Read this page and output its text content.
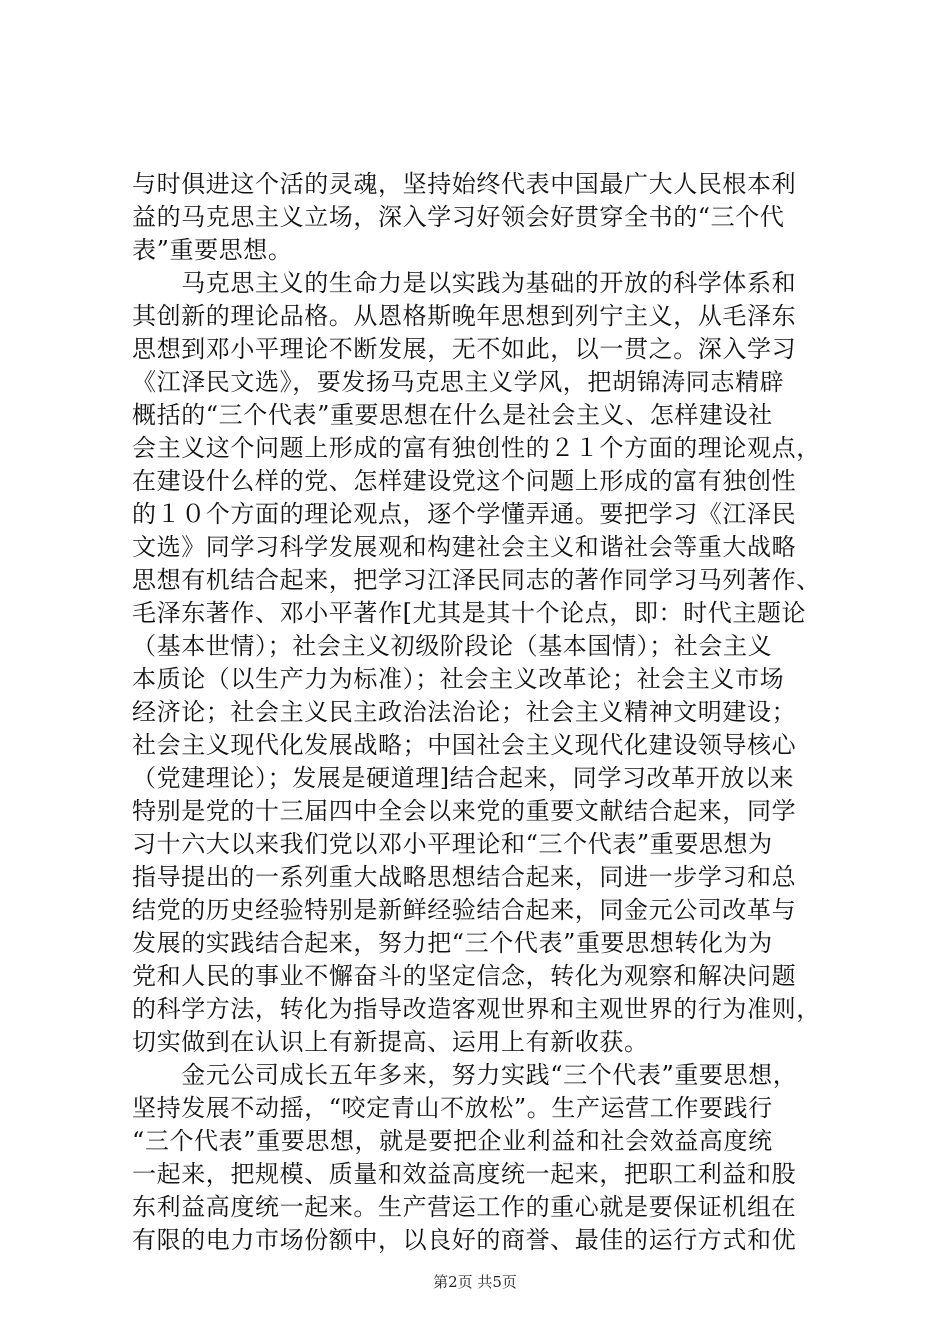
与时俱进这个活的灵魂，坚持始终代表中国最广大人民根本利
益的马克思主义立场，深入学习好领会好贯穿全书的“三个代
表”重要思想。
　　马克思主义的生命力是以实践为基础的开放的科学体系和
其创新的理论品格。从恩格斯晚年思想到列宁主义，从毛泽东
思想到邓小平理论不断发展，无不如此，以一贯之。深入学习
《江泽民文选》，要发扬马克思主义学风，把胡锦涛同志精辟
概括的“三个代表”重要思想在什么是社会主义、怎样建设社
会主义这个问题上形成的富有独创性的２１个方面的理论观点，
在建设什么样的党、怎样建设党这个问题上形成的富有独创性
的１０个方面的理论观点，逐个学懂弄通。要把学习《江泽民
文选》同学习科学发展观和构建社会主义和谐社会等重大战略
思想有机结合起来，把学习江泽民同志的著作同学习马列著作、
毛泽东著作、邓小平著作[尤其是其十个论点，即：时代主题论
（基本世情）；社会主义初级阶段论（基本国情）；社会主义
本质论（以生产力为标准）；社会主义改革论；社会主义市场
经济论；社会主义民主政治法治论；社会主义精神文明建设；
社会主义现代化发展战略；中国社会主义现代化建设领导核心
（党建理论）；发展是硬道理]结合起来，同学习改革开放以来
特别是党的十三届四中全会以来党的重要文献结合起来，同学
习十六大以来我们党以邓小平理论和“三个代表”重要思想为
指导提出的一系列重大战略思想结合起来，同进一步学习和总
结党的历史经验特别是新鲜经验结合起来，同金元公司改革与
发展的实践结合起来，努力把“三个代表”重要思想转化为为
党和人民的事业不懈奋斗的坚定信念，转化为观察和解决问题
的科学方法，转化为指导改造客观世界和主观世界的行为准则，
切实做到在认识上有新提高、运用上有新收获。
　　金元公司成长五年多来，努力实践“三个代表”重要思想，
坚持发展不动摇，“咬定青山不放松”。生产运营工作要践行
“三个代表”重要思想，就是要把企业利益和社会效益高度统
一起来，把规模、质量和效益高度统一起来，把职工利益和股
东利益高度统一起来。生产营运工作的重心就是要保证机组在
有限的电力市场份额中，以良好的商誉、最佳的运行方式和优
第2页 共5页
